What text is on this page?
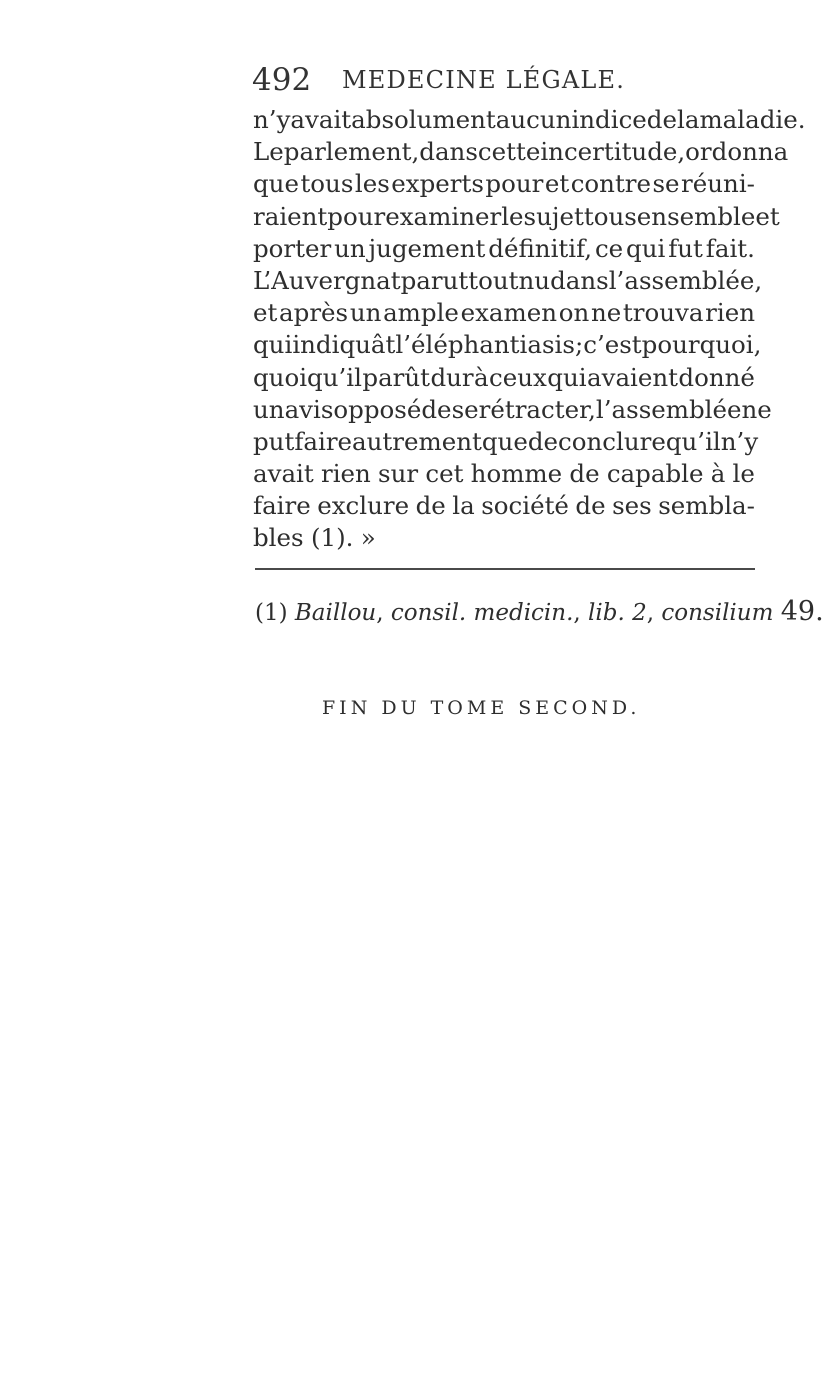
492 MEDECINE LÉGALE.
n’y avait absolument aucun indice de la maladie.
Le parlement, dans cette incertitude, ordonna
que tous les experts pour et contre se réuni-
raient pour examiner le sujet tous ensemble et
porter un jugement définitif, ce qui fut fait.
L’Auvergnat parut tout nu dans l’assemblée,
et après un ample examen on ne trouva rien
qui indiquât l’éléphantiasis ; c’est pourquoi,
quoiqu’il parût dur à ceux qui avaient donné
un avis opposé de se rétracter, l’assemblée ne
put faire autrement que de conclure qu’il n’y
avait rien sur cet homme de capable à le
faire exclure de la société de ses sembla-
bles (1). »
(1) Baillou, consil. medicin., lib. 2, consilium 49.
FIN DU TOME SECOND.
